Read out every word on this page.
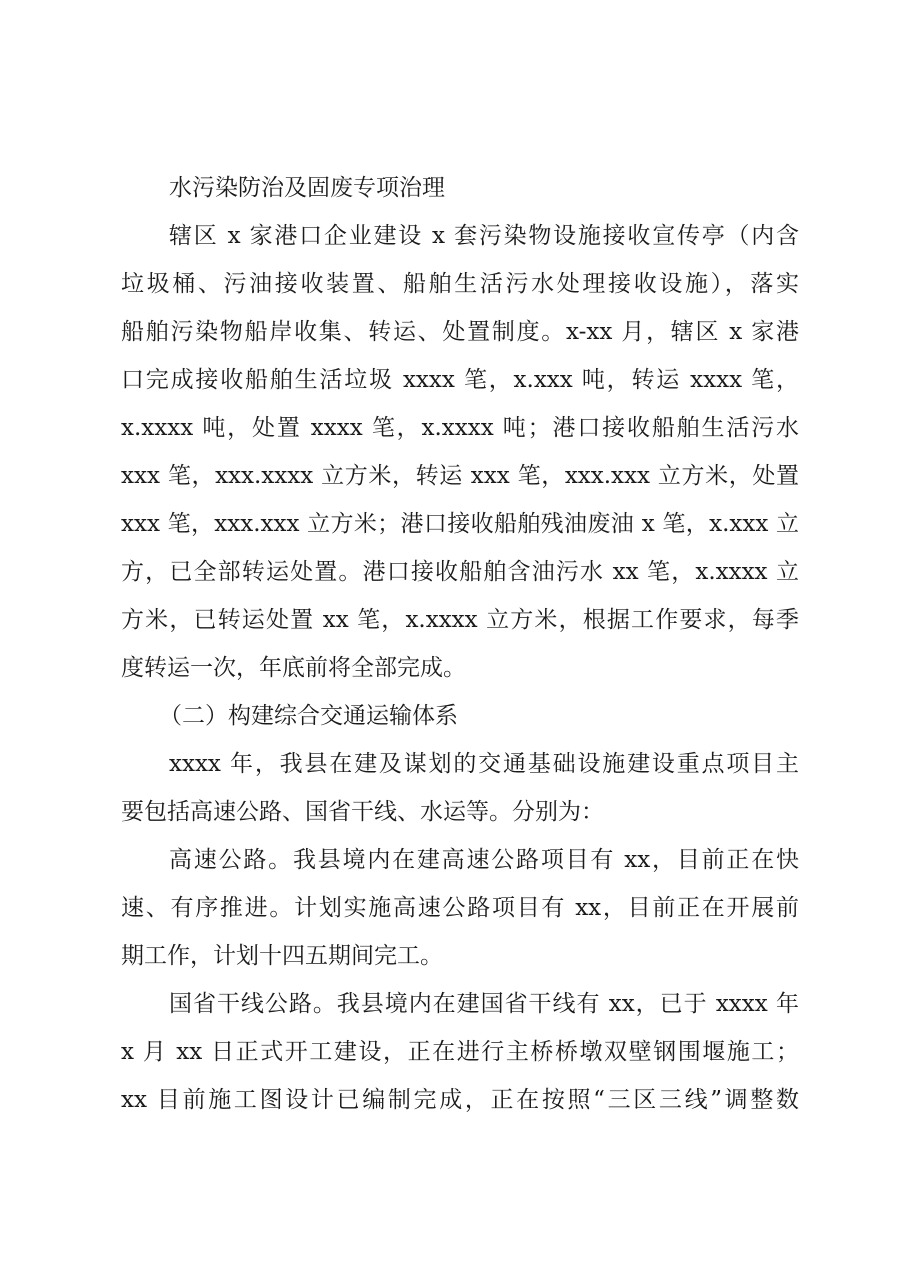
水污染防治及固废专项治理
辖区 x 家港口企业建设 x 套污染物设施接收宣传亭（内含
垃圾桶、污油接收装置、船舶生活污水处理接收设施），落实
船舶污染物船岸收集、转运、处置制度。x-xx 月，辖区 x 家港
口完成接收船舶生活垃圾 xxxx 笔，x.xxx 吨，转运 xxxx 笔，
x.xxxx 吨，处置 xxxx 笔，x.xxxx 吨；港口接收船舶生活污水
xxx 笔，xxx.xxxx 立方米，转运 xxx 笔，xxx.xxx 立方米，处置
xxx 笔，xxx.xxx 立方米；港口接收船舶残油废油 x 笔，x.xxx 立
方，已全部转运处置。港口接收船舶含油污水 xx 笔，x.xxxx 立
方米，已转运处置 xx 笔，x.xxxx 立方米，根据工作要求，每季
度转运一次，年底前将全部完成。
（二）构建综合交通运输体系
xxxx 年，我县在建及谋划的交通基础设施建设重点项目主
要包括高速公路、国省干线、水运等。分别为：
高速公路。我县境内在建高速公路项目有 xx，目前正在快
速、有序推进。计划实施高速公路项目有 xx，目前正在开展前
期工作，计划十四五期间完工。
国省干线公路。我县境内在建国省干线有 xx，已于 xxxx 年
x 月 xx 日正式开工建设，正在进行主桥桥墩双壁钢围堰施工；
xx 目前施工图设计已编制完成，正在按照“三区三线”调整数
